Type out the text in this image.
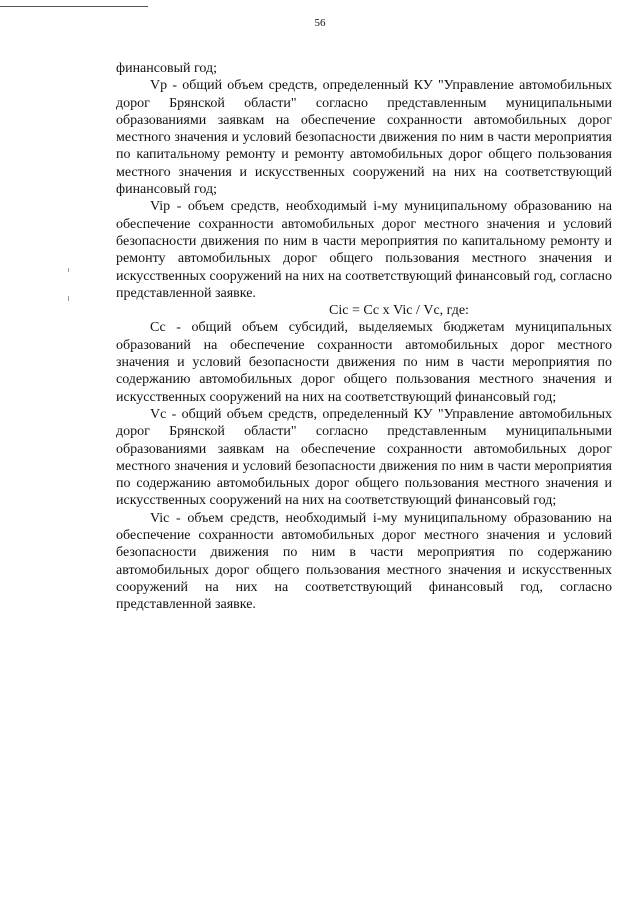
56

финансовый год;

Vр - общий объем средств, определенный КУ "Управление автомобильных дорог Брянской области" согласно представленным муниципальными образованиями заявкам на обеспечение сохранности автомобильных дорог местного значения и условий безопасности движения по ним в части мероприятия по капитальному ремонту и ремонту автомобильных дорог общего пользования местного значения и искусственных сооружений на них на соответствующий финансовый год;

Viр - объем средств, необходимый i-му муниципальному образованию на обеспечение сохранности автомобильных дорог местного значения и условий безопасности движения по ним в части мероприятия по капитальному ремонту и ремонту автомобильных дорог общего пользования местного значения и искусственных сооружений на них на соответствующий финансовый год, согласно представленной заявке.

Сiс = Сс х Viс / Vс, где:

Сс - общий объем субсидий, выделяемых бюджетам муниципальных образований на обеспечение сохранности автомобильных дорог местного значения и условий безопасности движения по ним в части мероприятия по содержанию автомобильных дорог общего пользования местного значения и искусственных сооружений на них на соответствующий финансовый год;

Vс - общий объем средств, определенный КУ "Управление автомобильных дорог Брянской области" согласно представленным муниципальными образованиями заявкам на обеспечение сохранности автомобильных дорог местного значения и условий безопасности движения по ним в части мероприятия по содержанию автомобильных дорог общего пользования местного значения и искусственных сооружений на них на соответствующий финансовый год;

Viс - объем средств, необходимый i-му муниципальному образованию на обеспечение сохранности автомобильных дорог местного значения и условий безопасности движения по ним в части мероприятия по содержанию автомобильных дорог общего пользования местного значения и искусственных сооружений на них на соответствующий финансовый год, согласно представленной заявке.
